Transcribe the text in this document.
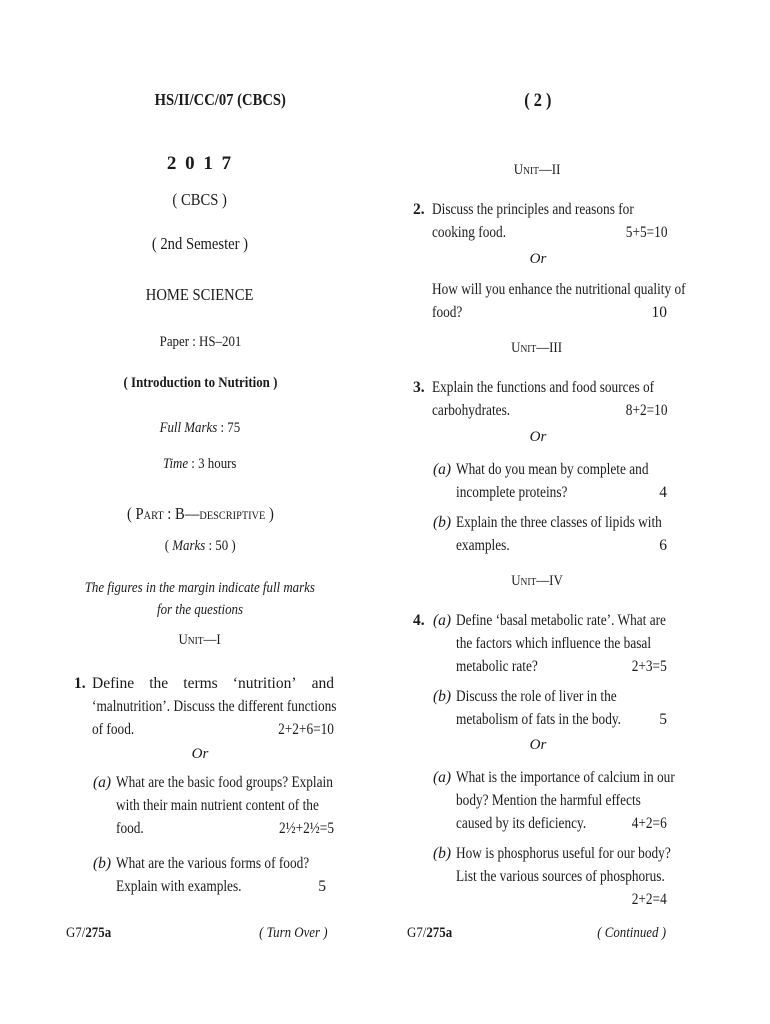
HS/II/CC/07 (CBCS)
2 0 1 7
( CBCS )
( 2nd Semester )
HOME SCIENCE
Paper : HS–201
( Introduction to Nutrition )
Full Marks : 75
Time : 3 hours
( Part : B—descriptive )
( Marks : 50 )
The figures in the margin indicate full marks
for the questions
Unit—I
1. Define the terms ‘nutrition’ and
‘malnutrition’. Discuss the different functions
of food.	2+2+6=10
Or
(a) What are the basic food groups? Explain
with their main nutrient content of the
food.	2½+2½=5
(b) What are the various forms of food?
Explain with examples.	5
G7/275a	( Turn Over )
( 2 )
Unit—II
2. Discuss the principles and reasons for
cooking food.	5+5=10
Or
How will you enhance the nutritional quality of
food?	10
Unit—III
3. Explain the functions and food sources of
carbohydrates.	8+2=10
Or
(a) What do you mean by complete and
incomplete proteins?	4
(b) Explain the three classes of lipids with
examples.	6
Unit—IV
4. (a) Define ‘basal metabolic rate’. What are
the factors which influence the basal
metabolic rate?	2+3=5
(b) Discuss the role of liver in the
metabolism of fats in the body. 5
Or
(a) What is the importance of calcium in our
body? Mention the harmful effects
caused by its deficiency.	4+2=6
(b) How is phosphorus useful for our body?
List the various sources of phosphorus.
2+2=4
G7/275a	( Continued )
